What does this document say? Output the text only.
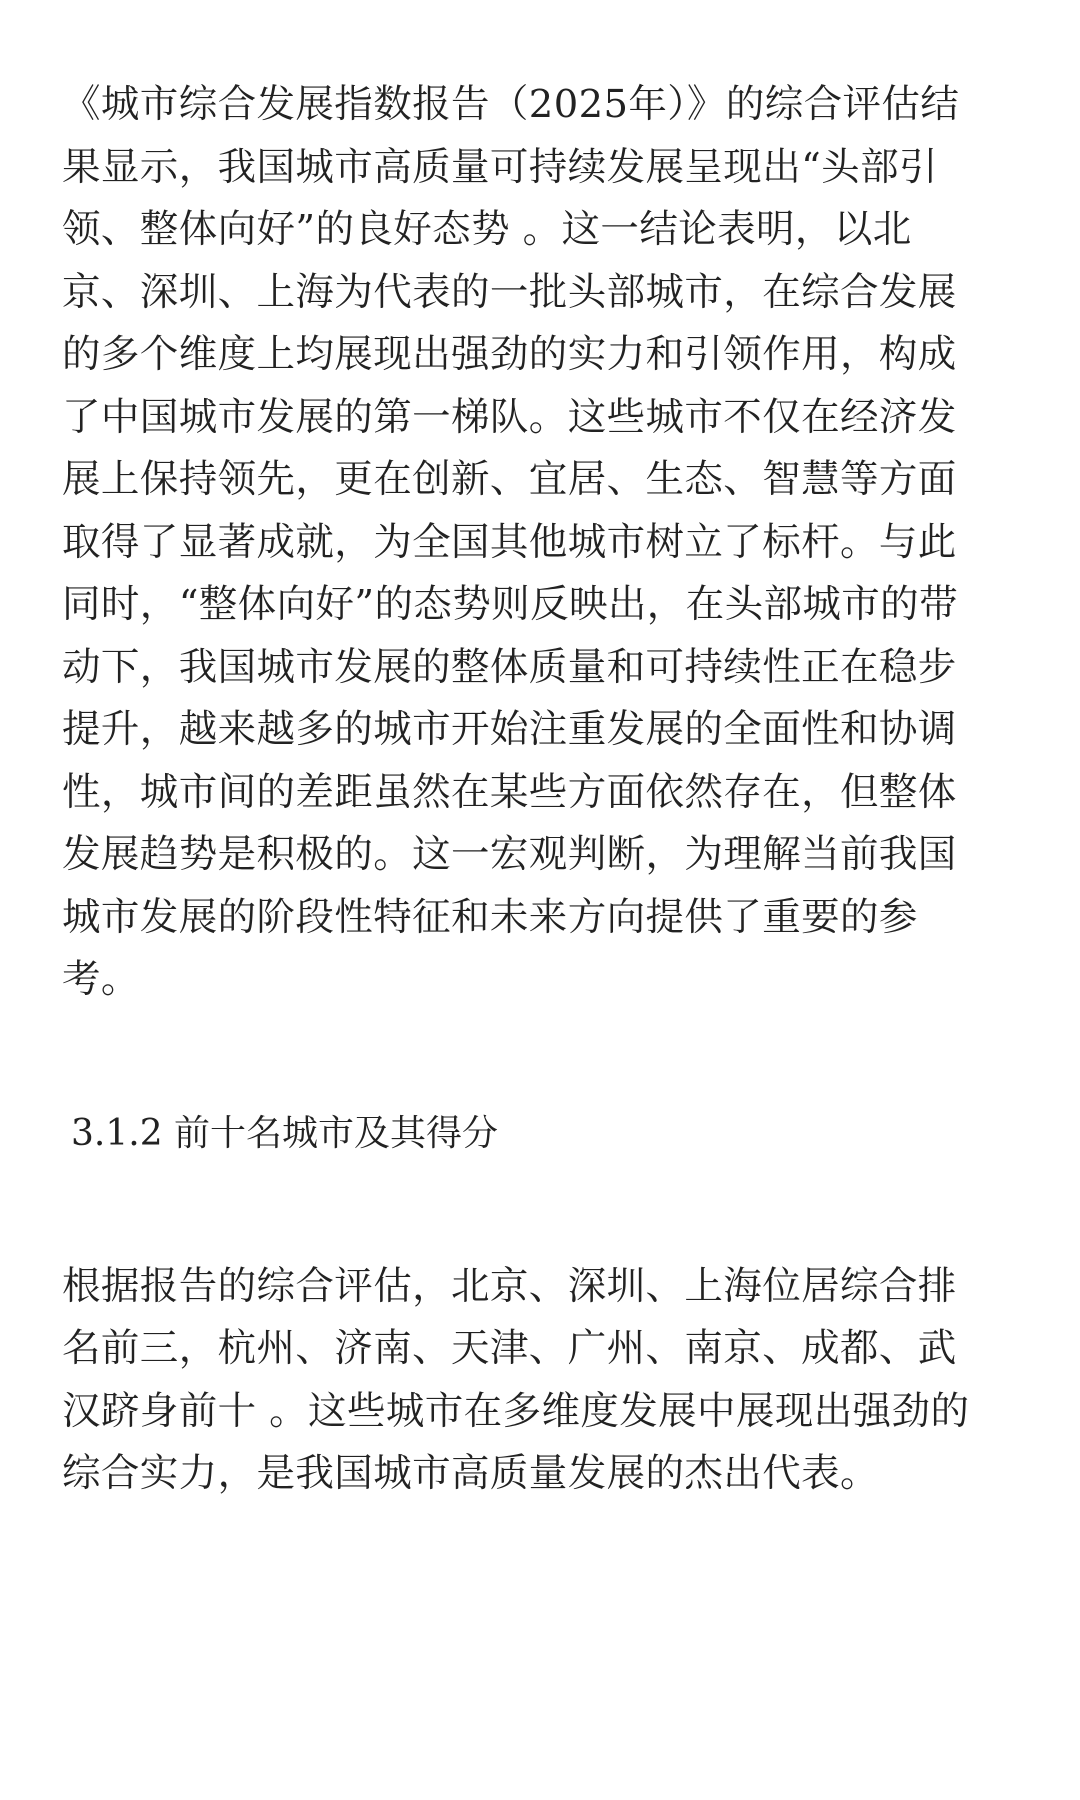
《城市综合发展指数报告（2025年）》的综合评估结
果显示，我国城市高质量可持续发展呈现出“头部引
领、整体向好”的良好态势 。这一结论表明，以北
京、深圳、上海为代表的一批头部城市，在综合发展
的多个维度上均展现出强劲的实力和引领作用，构成
了中国城市发展的第一梯队。这些城市不仅在经济发
展上保持领先，更在创新、宜居、生态、智慧等方面
取得了显著成就，为全国其他城市树立了标杆。与此
同时，“整体向好”的态势则反映出，在头部城市的带
动下，我国城市发展的整体质量和可持续性正在稳步
提升，越来越多的城市开始注重发展的全面性和协调
性，城市间的差距虽然在某些方面依然存在，但整体
发展趋势是积极的。这一宏观判断，为理解当前我国
城市发展的阶段性特征和未来方向提供了重要的参
考。

3.1.2 前十名城市及其得分

根据报告的综合评估，北京、深圳、上海位居综合排
名前三，杭州、济南、天津、广州、南京、成都、武
汉跻身前十 。这些城市在多维度发展中展现出强劲的
综合实力，是我国城市高质量发展的杰出代表。
